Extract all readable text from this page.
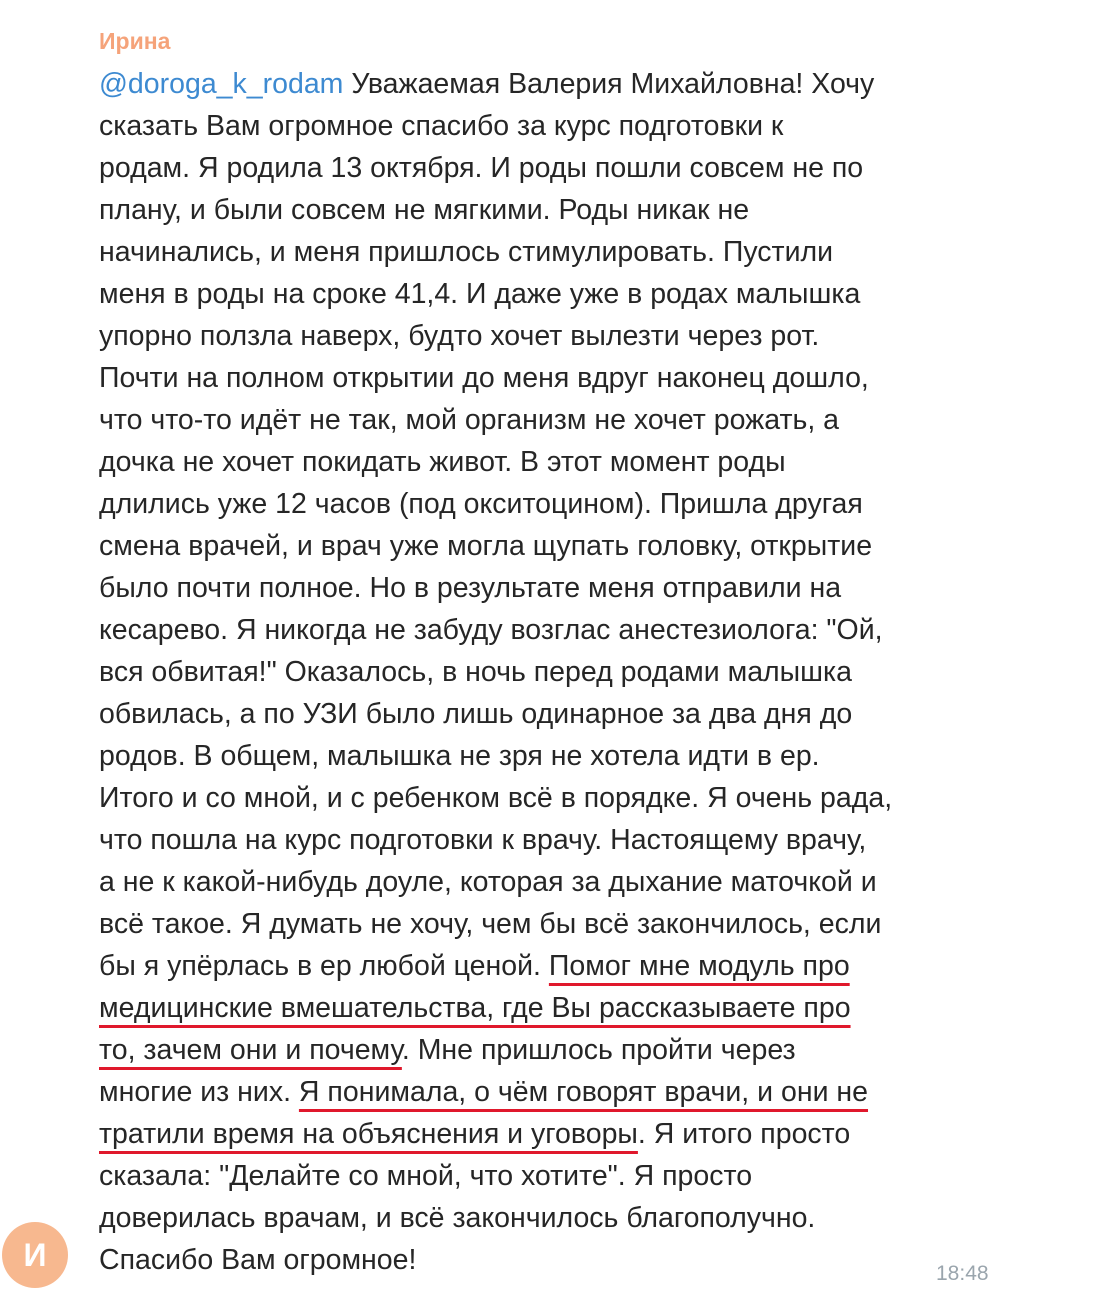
Ирина
@doroga_k_rodam Уважаемая Валерия Михайловна! Хочу
сказать Вам огромное спасибо за курс подготовки к
родам. Я родила 13 октября. И роды пошли совсем не по
плану, и были совсем не мягкими. Роды никак не
начинались, и меня пришлось стимулировать. Пустили
меня в роды на сроке 41,4. И даже уже в родах малышка
упорно ползла наверх, будто хочет вылезти через рот.
Почти на полном открытии до меня вдруг наконец дошло,
что что-то идёт не так, мой организм не хочет рожать, а
дочка не хочет покидать живот. В этот момент роды
длились уже 12 часов (под окситоцином). Пришла другая
смена врачей, и врач уже могла щупать головку, открытие
было почти полное. Но в результате меня отправили на
кесарево. Я никогда не забуду возглас анестезиолога: "Ой,
вся обвитая!" Оказалось, в ночь перед родами малышка
обвилась, а по УЗИ было лишь одинарное за два дня до
родов. В общем, малышка не зря не хотела идти в ер.
Итого и со мной, и с ребенком всё в порядке. Я очень рада,
что пошла на курс подготовки к врачу. Настоящему врачу,
а не к какой-нибудь доуле, которая за дыхание маточкой и
всё такое. Я думать не хочу, чем бы всё закончилось, если
бы я упёрлась в ер любой ценой. Помог мне модуль про
медицинские вмешательства, где Вы рассказываете про
то, зачем они и почему. Мне пришлось пройти через
многие из них. Я понимала, о чём говорят врачи, и они не
тратили время на объяснения и уговоры. Я итого просто
сказала: "Делайте со мной, что хотите". Я просто
доверилась врачам, и всё закончилось благополучно.
Спасибо Вам огромное!
И
18:48
